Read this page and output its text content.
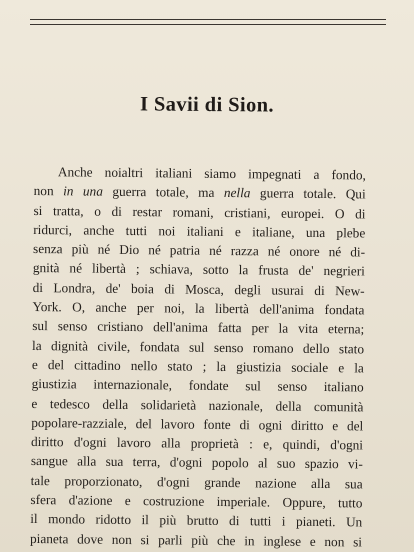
I Savii di Sion.
Anche noialtri italiani siamo impegnati a fondo,
non in una guerra totale, ma nella guerra totale. Qui
si tratta, o di restar romani, cristiani, europei. O di
ridurci, anche tutti noi italiani e italiane, una plebe
senza più né Dio né patria né razza né onore né di-
gnità né libertà ; schiava, sotto la frusta de' negrieri
di Londra, de' boia di Mosca, degli usurai di New-
York. O, anche per noi, la libertà dell'anima fondata
sul senso cristiano dell'anima fatta per la vita eterna;
la dignità civile, fondata sul senso romano dello stato
e del cittadino nello stato ; la giustizia sociale e la
giustizia internazionale, fondate sul senso italiano
e tedesco della solidarietà nazionale, della comunità
popolare-razziale, del lavoro fonte di ogni diritto e del
diritto d'ogni lavoro alla proprietà : e, quindi, d'ogni
sangue alla sua terra, d'ogni popolo al suo spazio vi-
tale proporzionato, d'ogni grande nazione alla sua
sfera d'azione e costruzione imperiale. Oppure, tutto
il mondo ridotto il più brutto di tutti i pianeti. Un
pianeta dove non si parli più che in inglese e non si
